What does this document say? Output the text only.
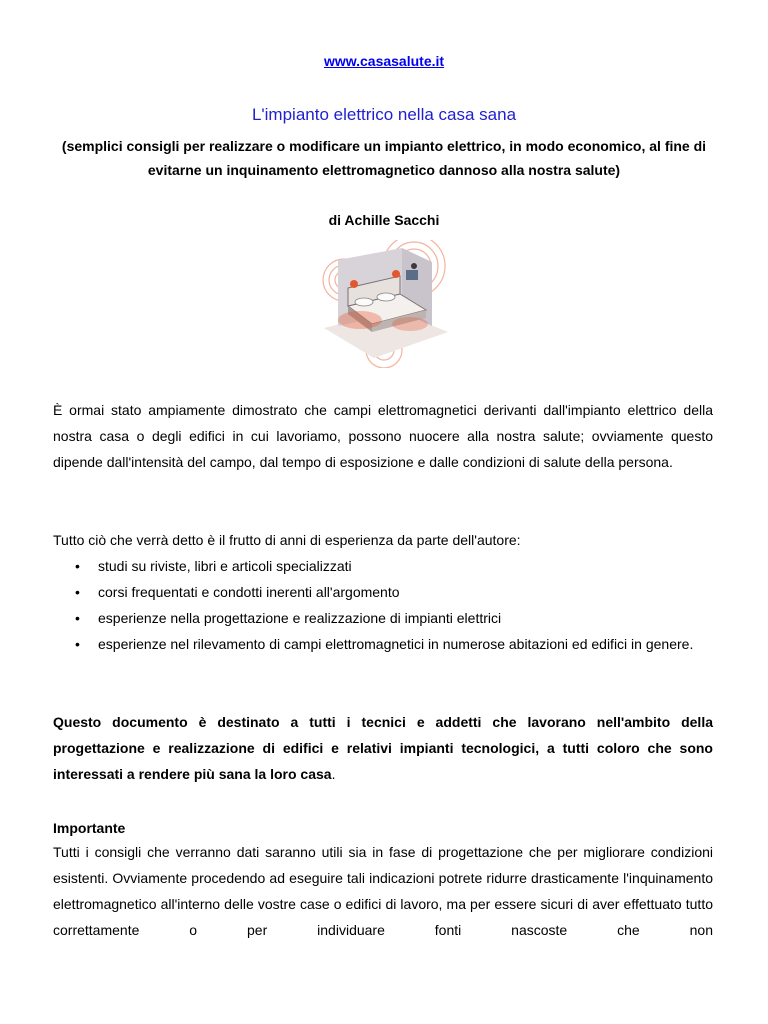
www.casasalute.it
L'impianto elettrico nella casa sana
(semplici consigli per realizzare o modificare un impianto elettrico, in modo economico, al fine di evitarne un inquinamento elettromagnetico dannoso alla nostra salute)
di Achille Sacchi

È ormai stato ampiamente dimostrato che campi elettromagnetici derivanti dall'impianto elettrico della nostra casa o degli edifici in cui lavoriamo, possono nuocere alla nostra salute; ovviamente questo dipende dall'intensità del campo, dal tempo di esposizione e dalle condizioni di salute della persona.

Tutto ciò che verrà detto è il frutto di anni di esperienza da parte dell'autore:

• studi su riviste, libri e articoli specializzati
• corsi frequentati e condotti inerenti all'argomento
• esperienze nella progettazione e realizzazione di impianti elettrici
• esperienze nel rilevamento di campi elettromagnetici in numerose abitazioni ed edifici in genere.

Questo documento è destinato a tutti i tecnici e addetti che lavorano nell'ambito della progettazione e realizzazione di edifici e relativi impianti tecnologici, a tutti coloro che sono interessati a rendere più sana la loro casa.

Importante

Tutti i consigli che verranno dati saranno utili sia in fase di progettazione che per migliorare condizioni esistenti. Ovviamente procedendo ad eseguire tali indicazioni potrete ridurre drasticamente l'inquinamento elettromagnetico all'interno delle vostre case o edifici di lavoro, ma per essere sicuri di aver effettuato tutto correttamente o per individuare fonti nascoste che non
